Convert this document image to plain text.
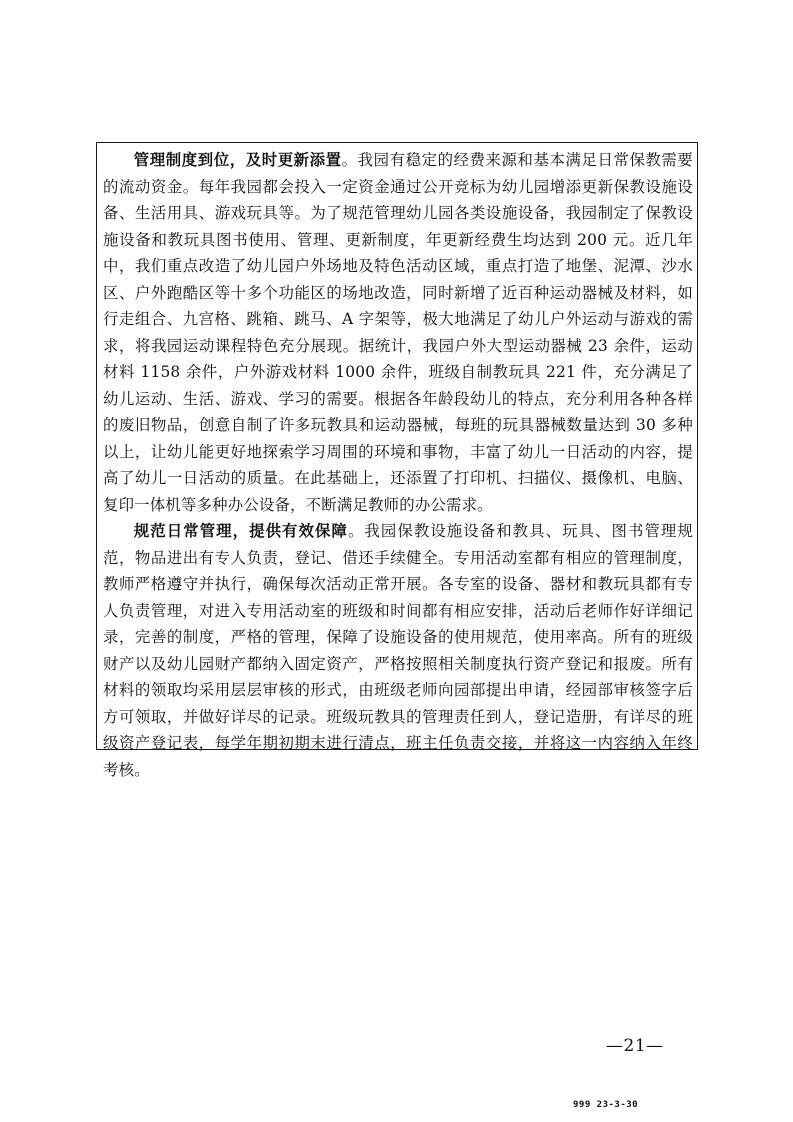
管理制度到位，及时更新添置。我园有稳定的经费来源和基本满足日常保教需要的流动资金。每年我园都会投入一定资金通过公开竞标为幼儿园增添更新保教设施设备、生活用具、游戏玩具等。为了规范管理幼儿园各类设施设备，我园制定了保教设施设备和教玩具图书使用、管理、更新制度，年更新经费生均达到 200 元。近几年中，我们重点改造了幼儿园户外场地及特色活动区域，重点打造了地堡、泥潭、沙水区、户外跑酷区等十多个功能区的场地改造，同时新增了近百种运动器械及材料，如行走组合、九宫格、跳箱、跳马、A 字架等，极大地满足了幼儿户外运动与游戏的需求，将我园运动课程特色充分展现。据统计，我园户外大型运动器械 23 余件，运动材料 1158 余件，户外游戏材料 1000 余件，班级自制教玩具 221 件，充分满足了幼儿运动、生活、游戏、学习的需要。根据各年龄段幼儿的特点，充分利用各种各样的废旧物品，创意自制了许多玩教具和运动器械，每班的玩具器械数量达到 30 多种以上，让幼儿能更好地探索学习周围的环境和事物，丰富了幼儿一日活动的内容，提高了幼儿一日活动的质量。在此基础上，还添置了打印机、扫描仪、摄像机、电脑、复印一体机等多种办公设备，不断满足教师的办公需求。

规范日常管理，提供有效保障。我园保教设施设备和教具、玩具、图书管理规范，物品进出有专人负责，登记、借还手续健全。专用活动室都有相应的管理制度，教师严格遵守并执行，确保每次活动正常开展。各专室的设备、器材和教玩具都有专人负责管理，对进入专用活动室的班级和时间都有相应安排，活动后老师作好详细记录，完善的制度，严格的管理，保障了设施设备的使用规范，使用率高。所有的班级财产以及幼儿园财产都纳入固定资产，严格按照相关制度执行资产登记和报废。所有材料的领取均采用层层审核的形式，由班级老师向园部提出申请，经园部审核签字后方可领取，并做好详尽的记录。班级玩教具的管理责任到人，登记造册，有详尽的班级资产登记表，每学年期初期末进行清点，班主任负责交接，并将这一内容纳入年终考核。

—21—
999 23-3-30
